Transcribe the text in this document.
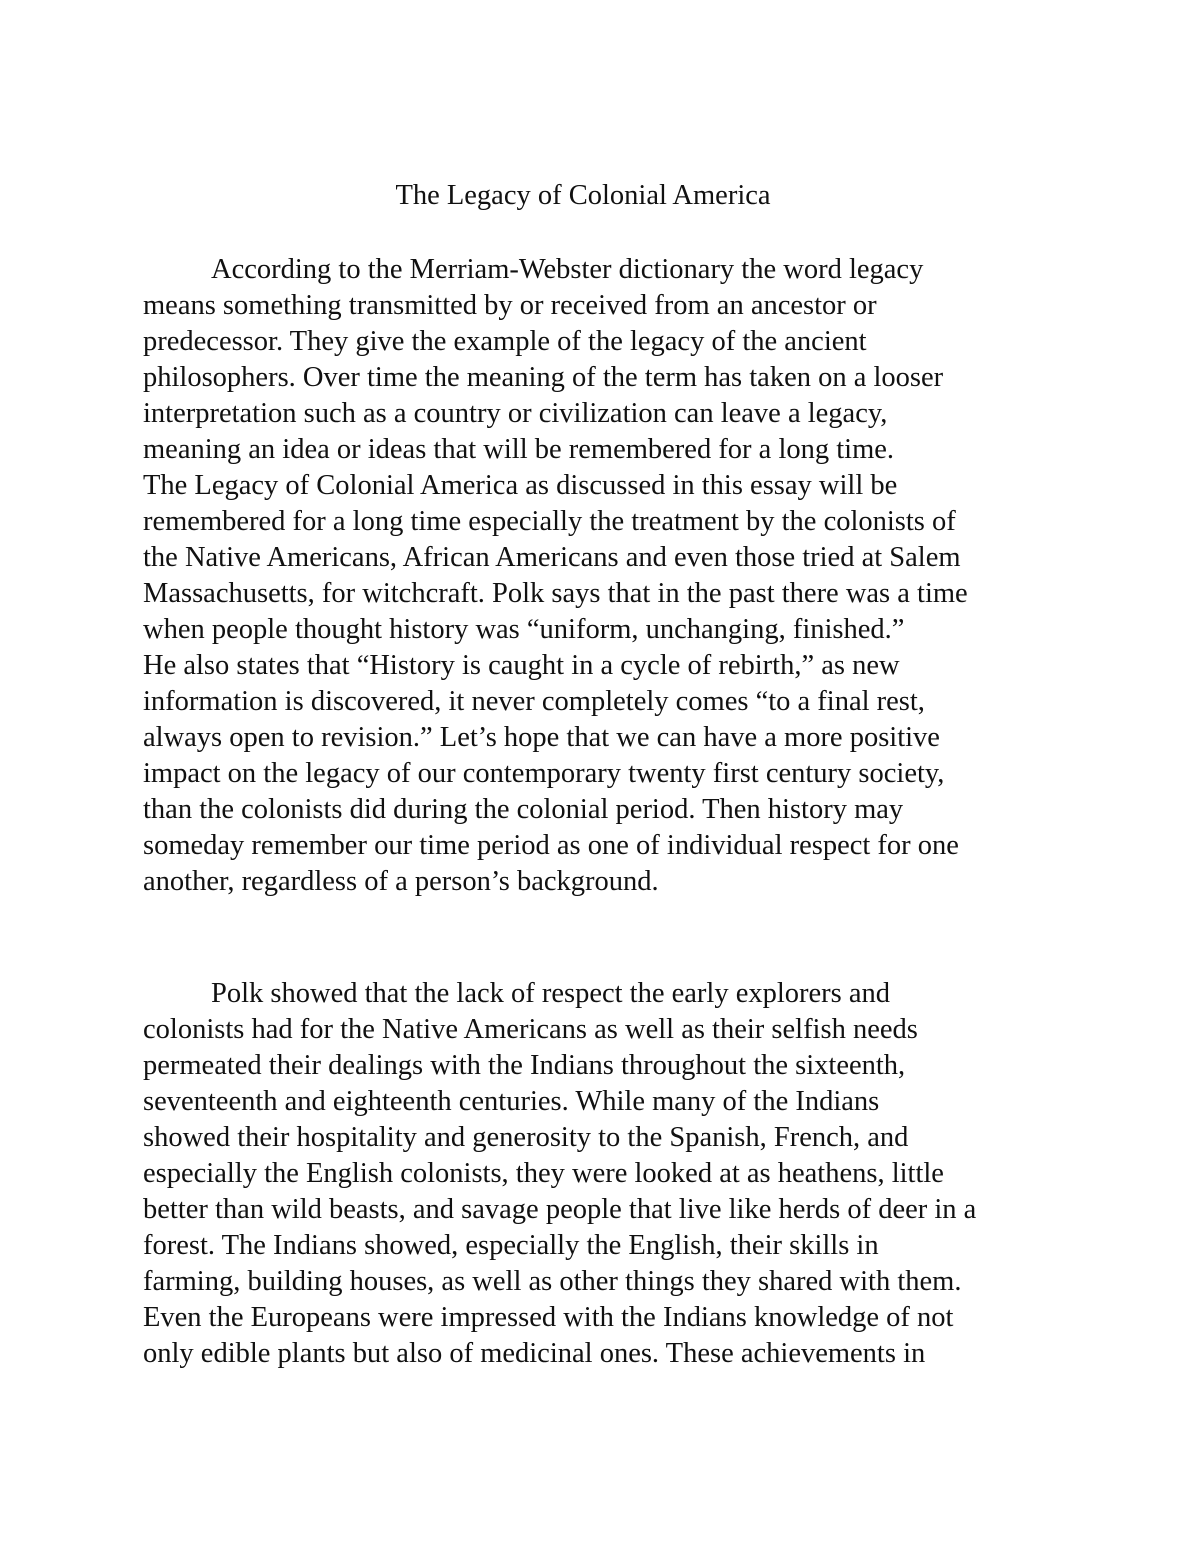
The Legacy of Colonial America
According to the Merriam-Webster dictionary the word legacy
means something transmitted by or received from an ancestor or
predecessor. They give the example of the legacy of the ancient
philosophers. Over time the meaning of the term has taken on a looser
interpretation such as a country or civilization can leave a legacy,
meaning an idea or ideas that will be remembered for a long time.
The Legacy of Colonial America as discussed in this essay will be
remembered for a long time especially the treatment by the colonists of
the Native Americans, African Americans and even those tried at Salem
Massachusetts, for witchcraft. Polk says that in the past there was a time
when people thought history was “uniform, unchanging, finished.”
He also states that “History is caught in a cycle of rebirth,” as new
information is discovered, it never completely comes “to a final rest,
always open to revision.” Let’s hope that we can have a more positive
impact on the legacy of our contemporary twenty first century society,
than the colonists did during the colonial period. Then history may
someday remember our time period as one of individual respect for one
another, regardless of a person’s background.
Polk showed that the lack of respect the early explorers and
colonists had for the Native Americans as well as their selfish needs
permeated their dealings with the Indians throughout the sixteenth,
seventeenth and eighteenth centuries. While many of the Indians
showed their hospitality and generosity to the Spanish, French, and
especially the English colonists, they were looked at as heathens, little
better than wild beasts, and savage people that live like herds of deer in a
forest. The Indians showed, especially the English, their skills in
farming, building houses, as well as other things they shared with them.
Even the Europeans were impressed with the Indians knowledge of not
only edible plants but also of medicinal ones. These achievements in
